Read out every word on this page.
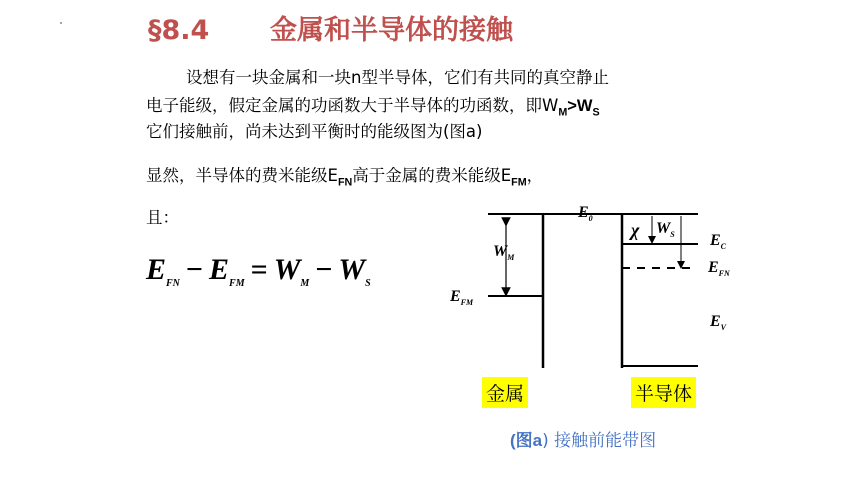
§8.4 金属和半导体的接触
设想有一块金属和一块n型半导体，它们有共同的真空静止
电子能级，假定金属的功函数大于半导体的功函数，即$W_M>W_S$
它们接触前，尚未达到平衡时的能级图为(图a)
显然，半导体的费米能级$E_{FN}$高于金属的费米能级$E_{FM}$，
且：
$E_{FN} - E_{FM} = W_M - W_S$
$E_0$
$W_M$
$E_{FM}$
χ $W_S$ $E_C$
$E_{FN}$
$E_V$
金属	半导体
(图a) 接触前能带图
